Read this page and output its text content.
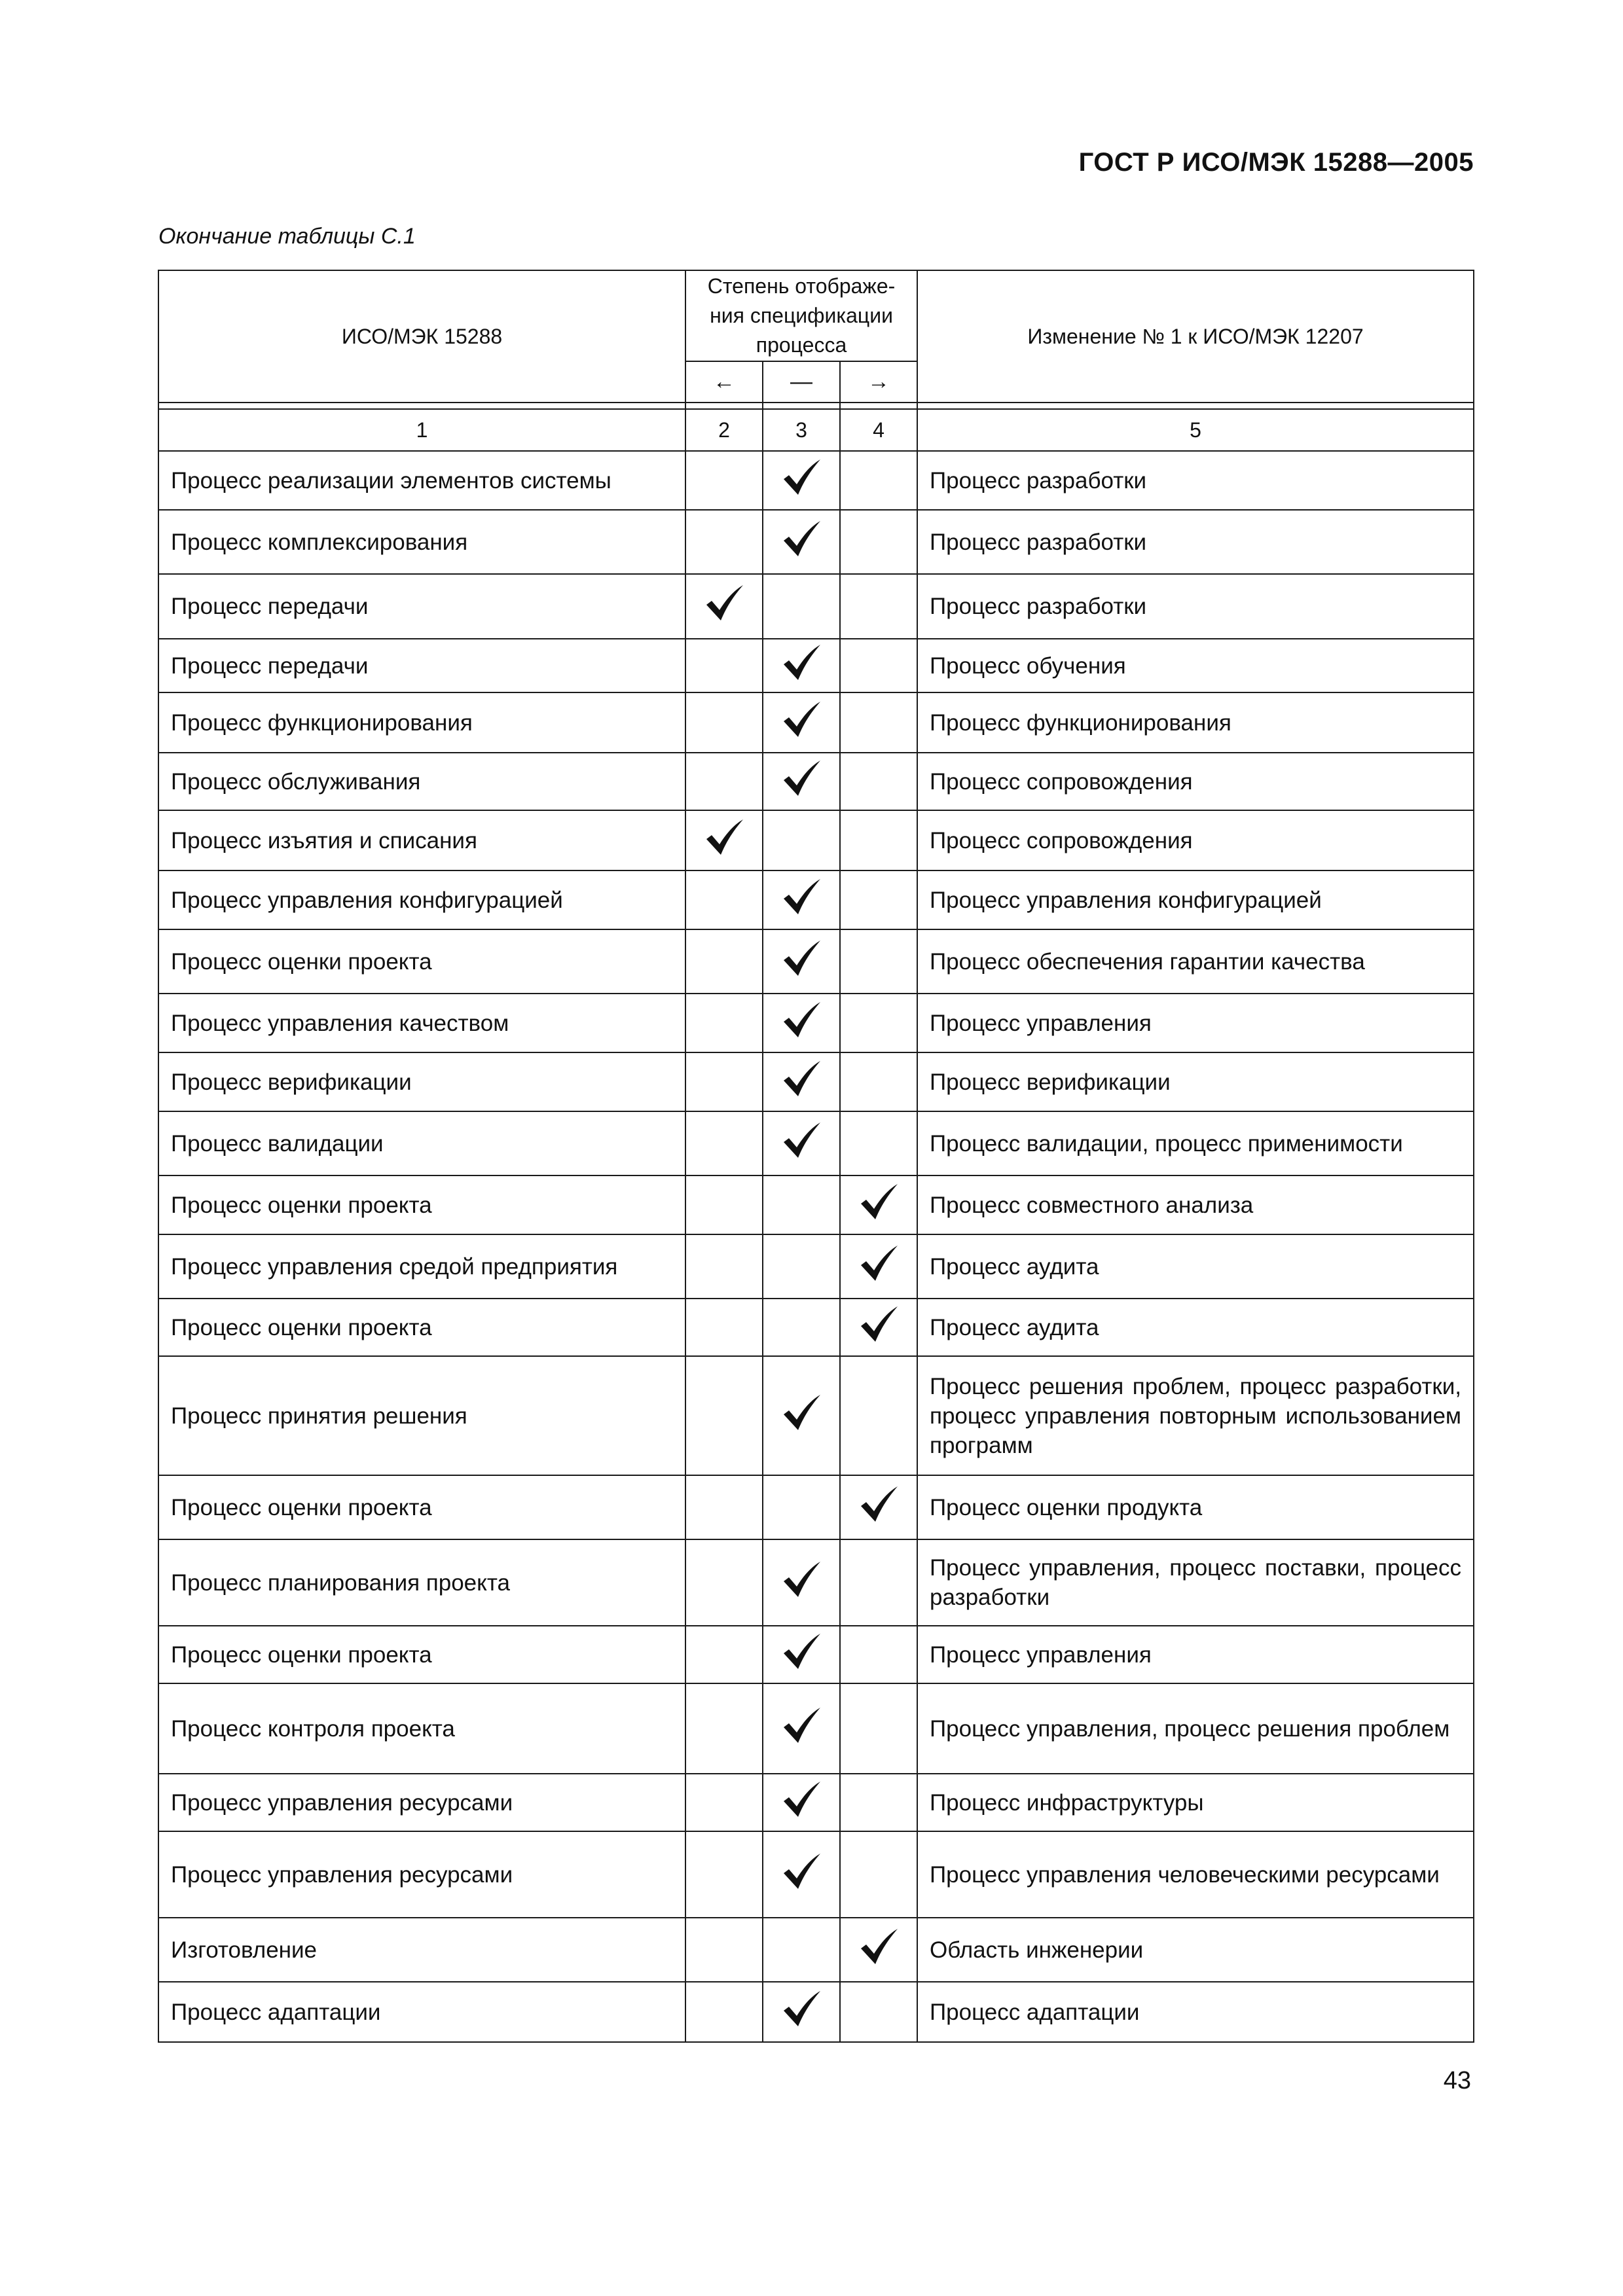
ГОСТ Р ИСО/МЭК 15288—2005
Окончание таблицы С.1
ИСО/МЭК 15288	Степень отображе-ния спецификации процесса			Изменение № 1 к ИСО/МЭК 12207
	←	—	→	

1	2	3	4	5
Процесс реализации элементов системы				Процесс разработки
Процесс комплексирования				Процесс разработки
Процесс передачи				Процесс разработки
Процесс передачи				Процесс обучения
Процесс функционирования				Процесс функционирования
Процесс обслуживания				Процесс сопровождения
Процесс изъятия и списания				Процесс сопровождения
Процесс управления конфигурацией				Процесс управления конфигурацией
Процесс оценки проекта				Процесс обеспечения гарантии качества
Процесс управления качеством				Процесс управления
Процесс верификации				Процесс верификации
Процесс валидации				Процесс валидации, процесс применимости
Процесс оценки проекта				Процесс совместного анализа
Процесс управления средой предприятия				Процесс аудита
Процесс оценки проекта				Процесс аудита
Процесс принятия решения				Процесс решения проблем, процесс разработки, процесс управления повторным использованием программ
Процесс оценки проекта				Процесс оценки продукта
Процесс планирования проекта				Процесс управления, процесс поставки, процесс разработки
Процесс оценки проекта				Процесс управления
Процесс контроля проекта				Процесс управления, процесс решения проблем
Процесс управления ресурсами				Процесс инфраструктуры
Процесс управления ресурсами				Процесс управления человеческими ресурсами
Изготовление				Область инженерии
Процесс адаптации				Процесс адаптации
43
